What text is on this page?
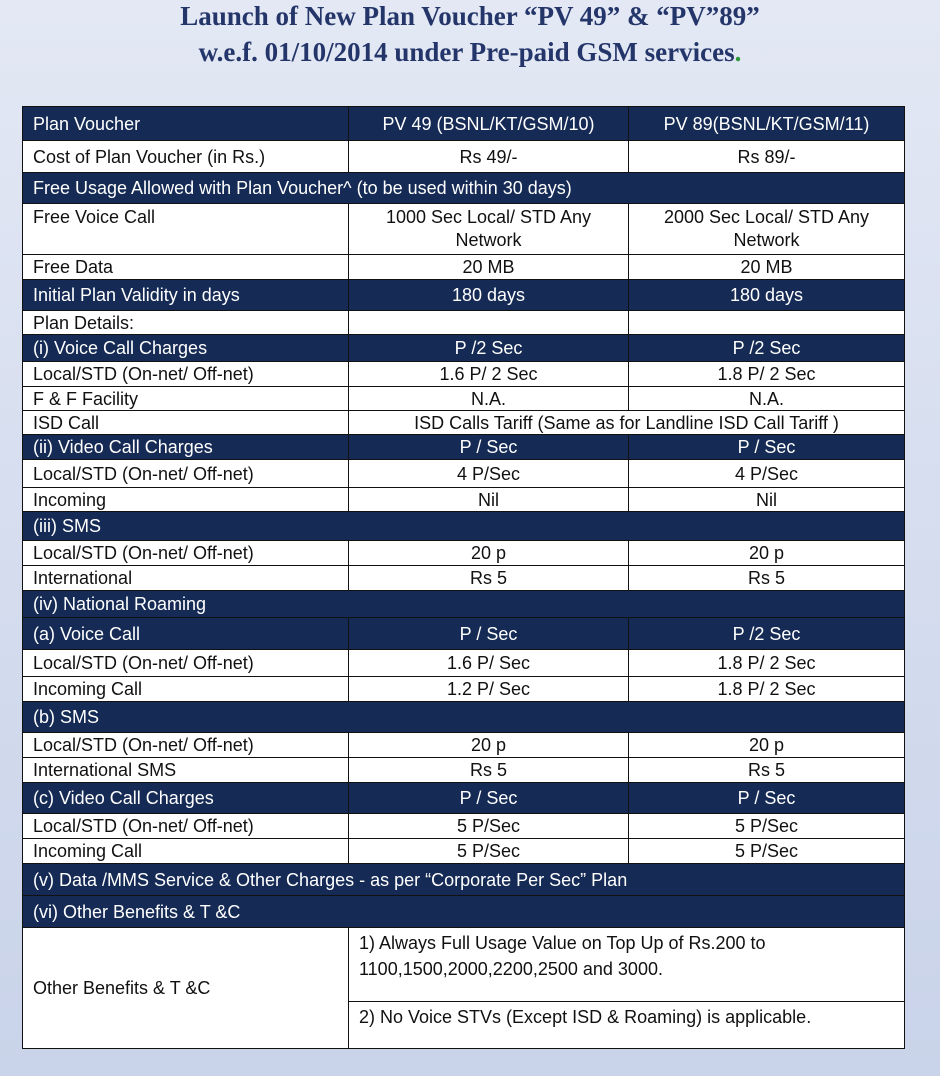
Launch of New Plan Voucher “PV 49” & “PV”89”
w.e.f. 01/10/2014 under Pre-paid GSM services.
Plan Voucher	PV 49 (BSNL/KT/GSM/10)	PV 89(BSNL/KT/GSM/11)
Cost of Plan Voucher (in Rs.)	Rs 49/-	Rs 89/-
Free Usage Allowed with Plan Voucher^ (to be used within 30 days)		
Free Voice Call	1000 Sec Local/ STD Any Network	2000 Sec Local/ STD Any Network
Free Data	20 MB	20 MB
Initial Plan Validity in days	180 days	180 days
Plan Details:		
(i) Voice Call Charges	P /2 Sec	P /2 Sec
Local/STD (On-net/ Off-net)	1.6 P/ 2 Sec	1.8 P/ 2 Sec
F & F Facility	N.A.	N.A.
ISD Call	ISD Calls Tariff (Same as for Landline ISD Call Tariff )	
(ii) Video Call Charges	P / Sec	P / Sec
Local/STD (On-net/ Off-net)	4 P/Sec	4 P/Sec
Incoming	Nil	Nil
(iii) SMS		
Local/STD (On-net/ Off-net)	20 p	20 p
International	Rs 5	Rs 5
(iv) National Roaming		
(a) Voice Call	P / Sec	P /2 Sec
Local/STD (On-net/ Off-net)	1.6 P/ Sec	1.8 P/ 2 Sec
Incoming Call	1.2 P/ Sec	1.8 P/ 2 Sec
(b) SMS		
Local/STD (On-net/ Off-net)	20 p	20 p
International SMS	Rs 5	Rs 5
(c) Video Call Charges	P / Sec	P / Sec
Local/STD (On-net/ Off-net)	5 P/Sec	5 P/Sec
Incoming Call	5 P/Sec	5 P/Sec
(v) Data /MMS Service & Other Charges - as per “Corporate Per Sec” Plan		
(vi) Other Benefits & T &C		
Other Benefits & T &C	1) Always Full Usage Value on Top Up of Rs.200 to 1100,1500,2000,2200,2500 and 3000.
2) No Voice STVs (Except ISD & Roaming) is applicable.	
